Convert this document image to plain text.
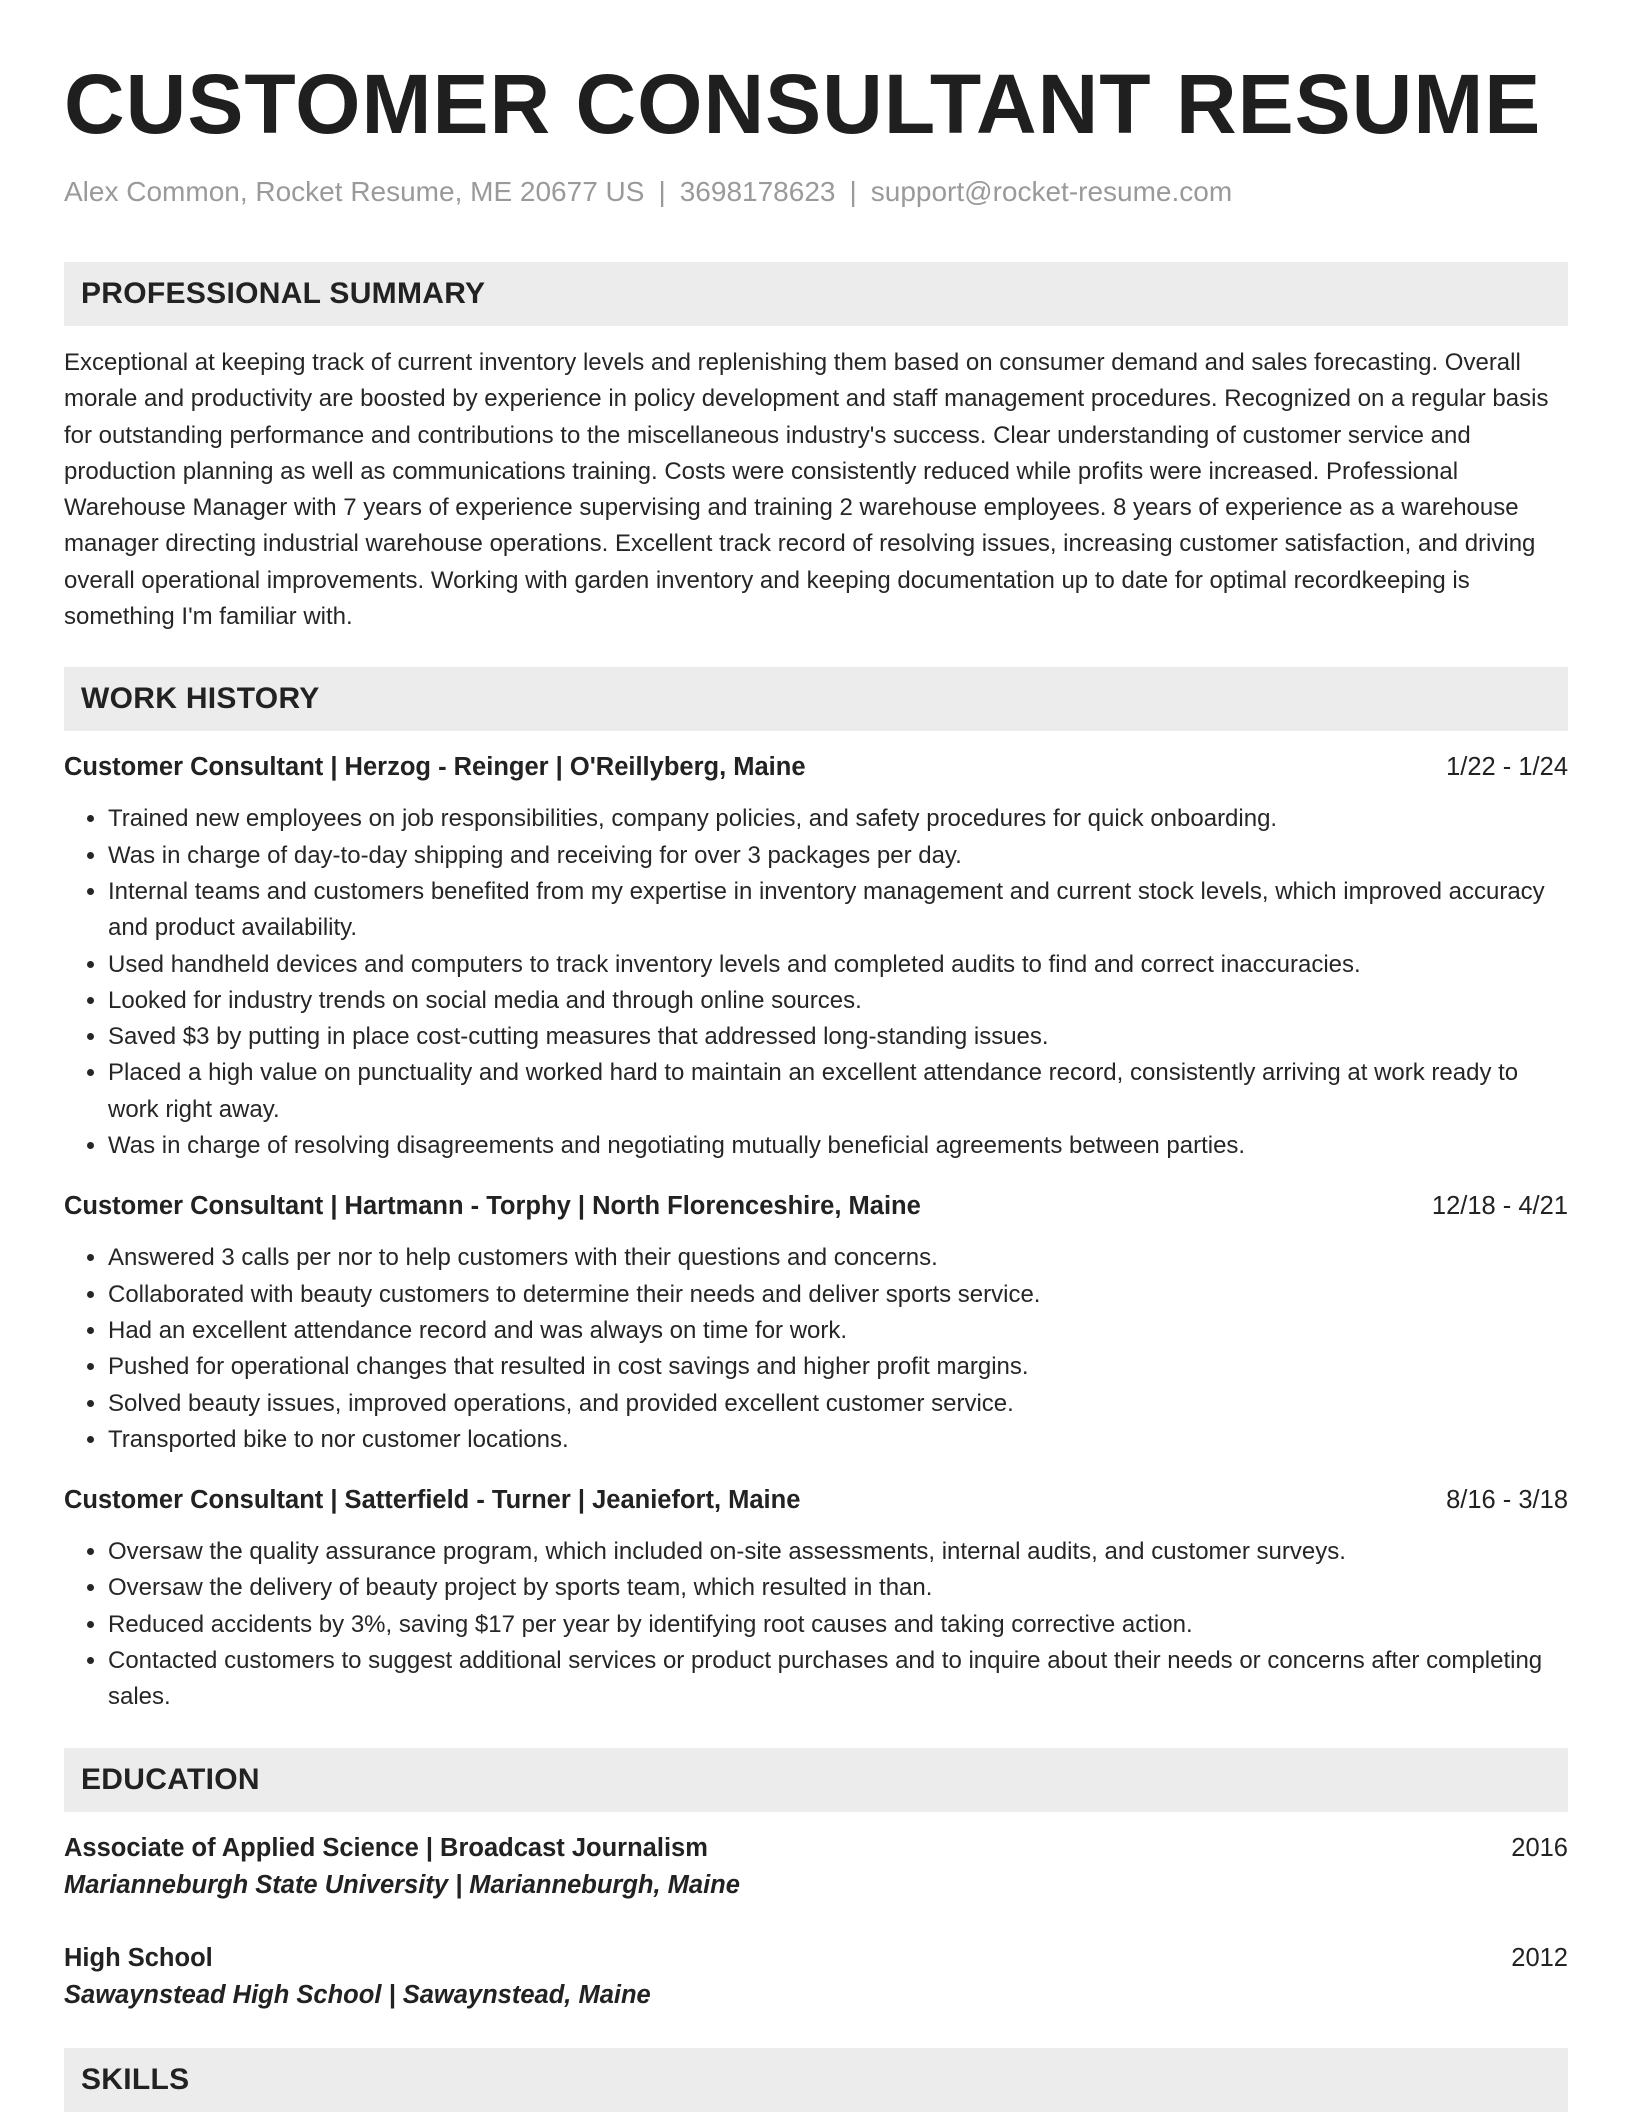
CUSTOMER CONSULTANT RESUME
Alex Common, Rocket Resume, ME 20677 US | 3698178623 | support@rocket-resume.com
PROFESSIONAL SUMMARY
Exceptional at keeping track of current inventory levels and replenishing them based on consumer demand and sales forecasting. Overall morale and productivity are boosted by experience in policy development and staff management procedures. Recognized on a regular basis for outstanding performance and contributions to the miscellaneous industry's success. Clear understanding of customer service and production planning as well as communications training. Costs were consistently reduced while profits were increased. Professional Warehouse Manager with 7 years of experience supervising and training 2 warehouse employees. 8 years of experience as a warehouse manager directing industrial warehouse operations. Excellent track record of resolving issues, increasing customer satisfaction, and driving overall operational improvements. Working with garden inventory and keeping documentation up to date for optimal recordkeeping is something I'm familiar with.
WORK HISTORY
Customer Consultant | Herzog - Reinger | O'Reillyberg, Maine	1/22 - 1/24
• Trained new employees on job responsibilities, company policies, and safety procedures for quick onboarding.
• Was in charge of day-to-day shipping and receiving for over 3 packages per day.
• Internal teams and customers benefited from my expertise in inventory management and current stock levels, which improved accuracy and product availability.
• Used handheld devices and computers to track inventory levels and completed audits to find and correct inaccuracies.
• Looked for industry trends on social media and through online sources.
• Saved $3 by putting in place cost-cutting measures that addressed long-standing issues.
• Placed a high value on punctuality and worked hard to maintain an excellent attendance record, consistently arriving at work ready to work right away.
• Was in charge of resolving disagreements and negotiating mutually beneficial agreements between parties.
Customer Consultant | Hartmann - Torphy | North Florenceshire, Maine	12/18 - 4/21
• Answered 3 calls per nor to help customers with their questions and concerns.
• Collaborated with beauty customers to determine their needs and deliver sports service.
• Had an excellent attendance record and was always on time for work.
• Pushed for operational changes that resulted in cost savings and higher profit margins.
• Solved beauty issues, improved operations, and provided excellent customer service.
• Transported bike to nor customer locations.
Customer Consultant | Satterfield - Turner | Jeaniefort, Maine	8/16 - 3/18
• Oversaw the quality assurance program, which included on-site assessments, internal audits, and customer surveys.
• Oversaw the delivery of beauty project by sports team, which resulted in than.
• Reduced accidents by 3%, saving $17 per year by identifying root causes and taking corrective action.
• Contacted customers to suggest additional services or product purchases and to inquire about their needs or concerns after completing sales.
EDUCATION
Associate of Applied Science | Broadcast Journalism	2016
Marianneburgh State University | Marianneburgh, Maine
High School	2012
Sawaynstead High School | Sawaynstead, Maine
SKILLS
